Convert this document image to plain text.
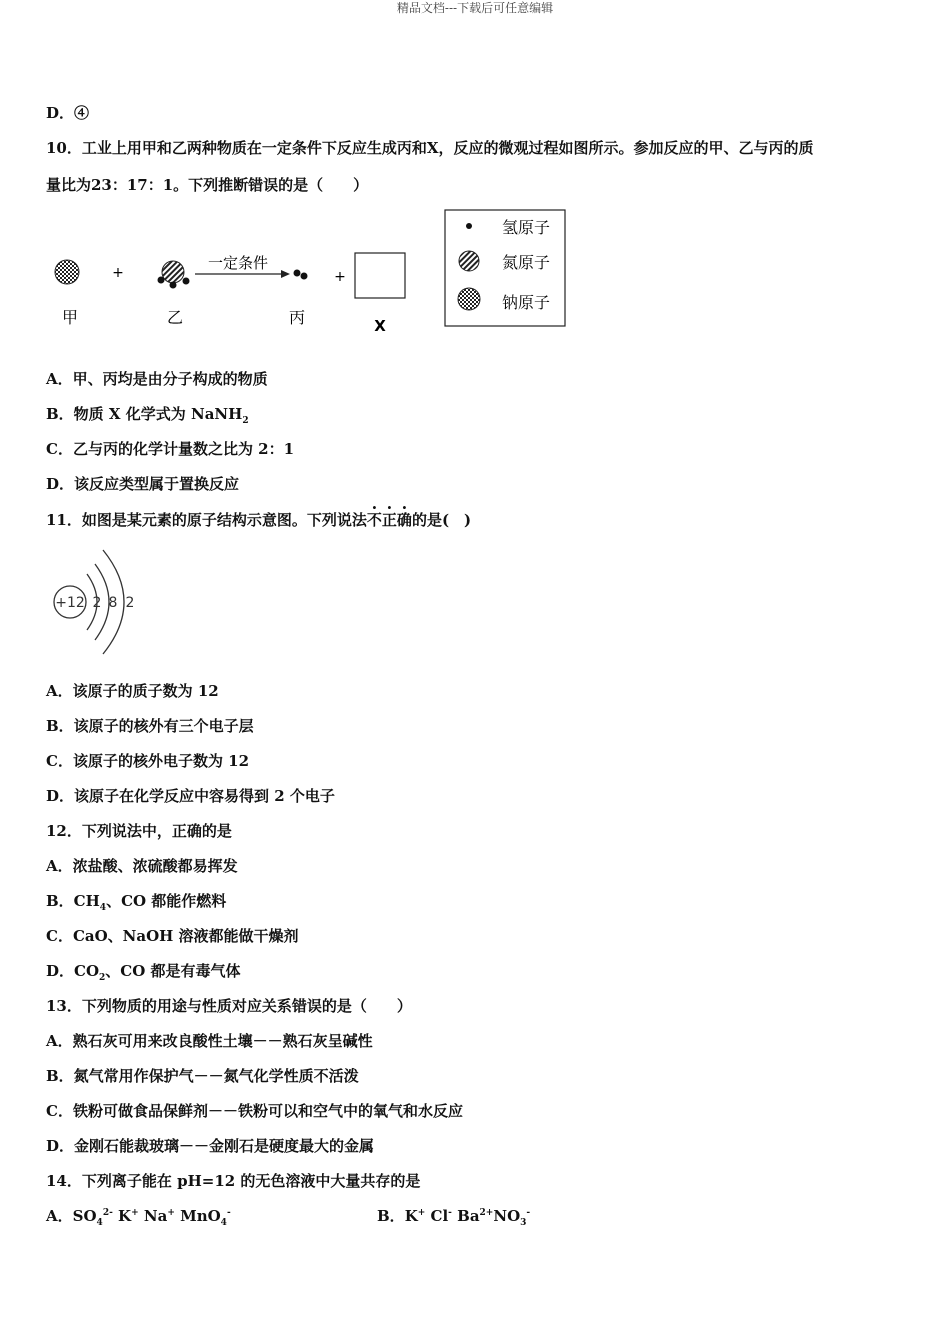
精品文档---下载后可任意编辑
D．④
10．工业上用甲和乙两种物质在一定条件下反应生成丙和X，反应的微观过程如图所示。参加反应的甲、乙与丙的质
量比为23：17：1。下列推断错误的是（　　）
+
一定条件
+
甲	乙	丙	X
氢原子
氮原子
钠原子
A．甲、丙均是由分子构成的物质
B．物质 X 化学式为 NaNH$_2$
C．乙与丙的化学计量数之比为 2：1
D．该反应类型属于置换反应
11．如图是某元素的原子结构示意图。下列说法不正确的是(　)
+12 2 8 2
A．该原子的质子数为 12
B．该原子的核外有三个电子层
C．该原子的核外电子数为 12
D．该原子在化学反应中容易得到 2 个电子
12．下列说法中，正确的是
A．浓盐酸、浓硫酸都易挥发
B．$CH_4$、CO 都能作燃料
C．CaO、NaOH 溶液都能做干燥剂
D．$CO_2$、CO 都是有毒气体
13．下列物质的用途与性质对应关系错误的是（　　）
A．熟石灰可用来改良酸性土壤－－熟石灰呈碱性
B．氮气常用作保护气－－氮气化学性质不活泼
C．铁粉可做食品保鲜剂－－铁粉可以和空气中的氧气和水反应
D．金刚石能裁玻璃－－金刚石是硬度最大的金属
14．下列离子能在 pH=12 的无色溶液中大量共存的是
A．$SO_4^{2-}$ K+ Na+ MnO$_4$-	B．K+ Cl- $Ba^{2+}NO_3^-$
